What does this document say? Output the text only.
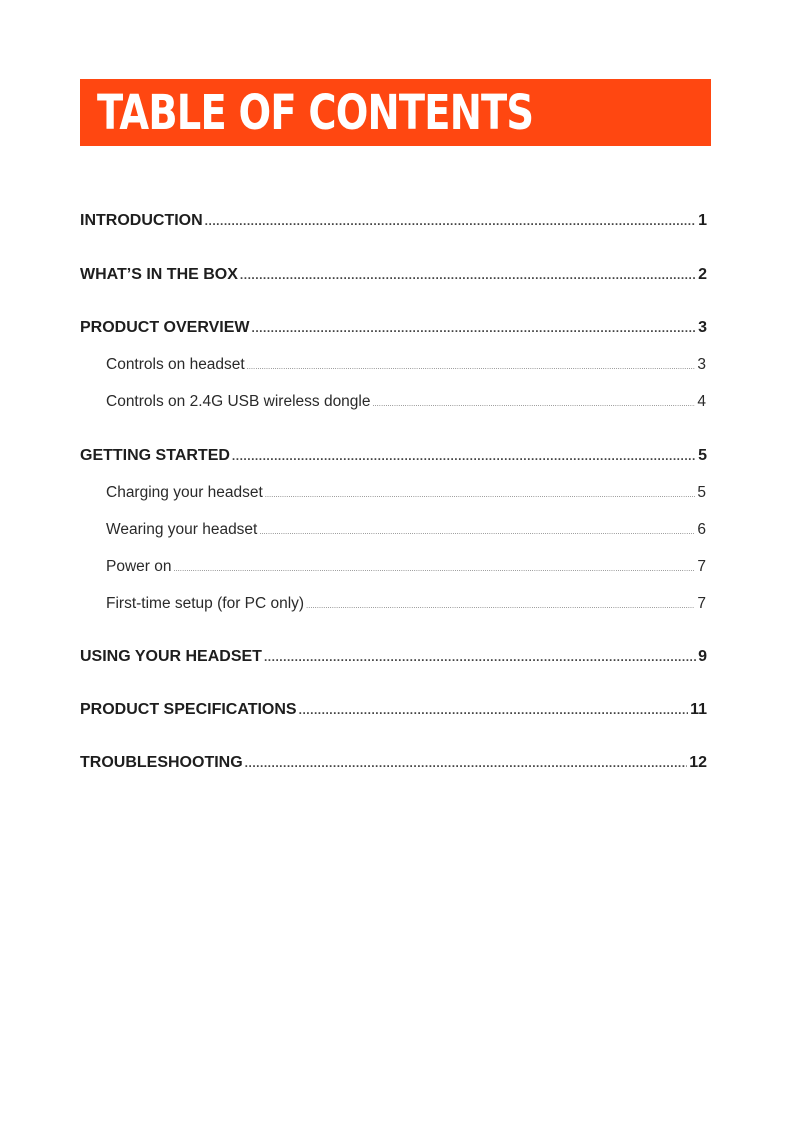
TABLE OF CONTENTS
INTRODUCTION .....	1
WHAT’S IN THE BOX .....	2
PRODUCT OVERVIEW .....	3
Controls on headset .....	3
Controls on 2.4G USB wireless dongle .....	4
GETTING STARTED .....	5
Charging your headset .....	5
Wearing your headset .....	6
Power on .....	7
First-time setup (for PC only) .....	7
USING YOUR HEADSET .....	9
PRODUCT SPECIFICATIONS .....	11
TROUBLESHOOTING .....	12
